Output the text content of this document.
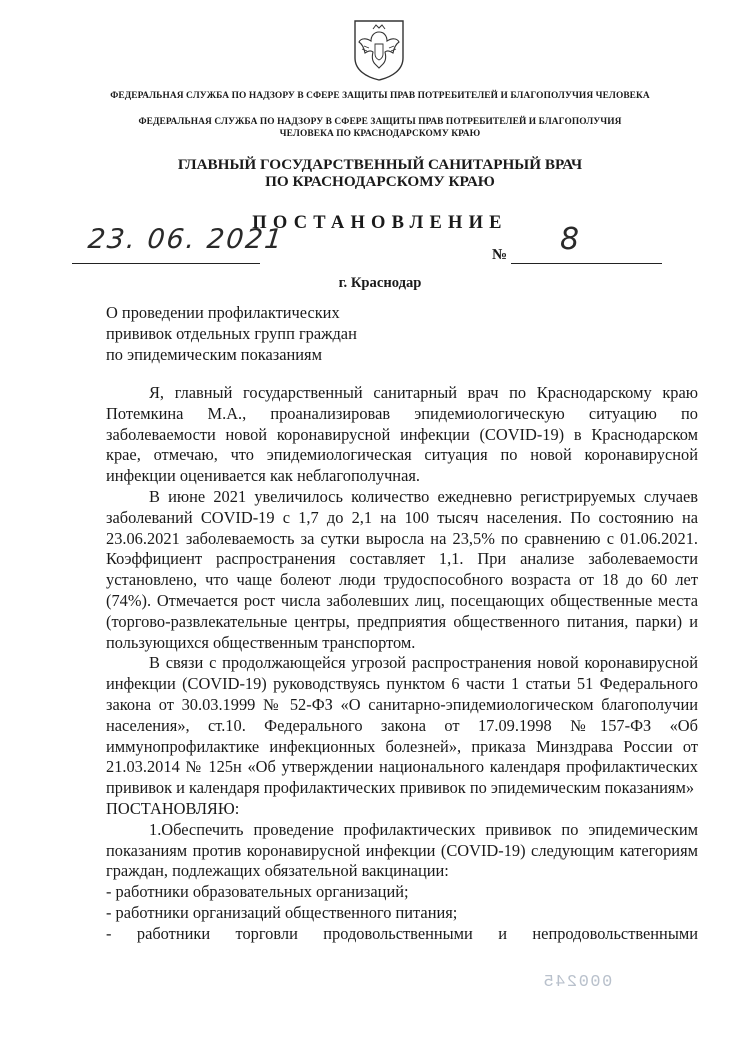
ФЕДЕРАЛЬНАЯ СЛУЖБА ПО НАДЗОРУ В СФЕРЕ ЗАЩИТЫ ПРАВ ПОТРЕБИТЕЛЕЙ И БЛАГОПОЛУЧИЯ ЧЕЛОВЕКА
ФЕДЕРАЛЬНАЯ СЛУЖБА ПО НАДЗОРУ В СФЕРЕ ЗАЩИТЫ ПРАВ ПОТРЕБИТЕЛЕЙ И БЛАГОПОЛУЧИЯ
ЧЕЛОВЕКА ПО КРАСНОДАРСКОМУ КРАЮ
ГЛАВНЫЙ ГОСУДАРСТВЕННЫЙ САНИТАРНЫЙ ВРАЧ
ПО КРАСНОДАРСКОМУ КРАЮ
ПОСТАНОВЛЕНИЕ
23. 06. 2021	№ 8
г. Краснодар
О проведении профилактических
прививок отдельных групп граждан
по эпидемическим показаниям

Я, главный государственный санитарный врач по Краснодарскому краю Потемкина М.А., проанализировав эпидемиологическую ситуацию по заболеваемости новой коронавирусной инфекции (COVID-19) в Краснодарском крае, отмечаю, что эпидемиологическая ситуация по новой коронавирусной инфекции оценивается как неблагополучная.

В июне 2021 увеличилось количество ежедневно регистрируемых случаев заболеваний COVID-19 с 1,7 до 2,1 на 100 тысяч населения. По состоянию на 23.06.2021 заболеваемость за сутки выросла на 23,5% по сравнению с 01.06.2021. Коэффициент распространения составляет 1,1. При анализе заболеваемости установлено, что чаще болеют люди трудоспособного возраста от 18 до 60 лет (74%). Отмечается рост числа заболевших лиц, посещающих общественные места (торгово-развлекательные центры, предприятия общественного питания, парки) и пользующихся общественным транспортом.

В связи с продолжающейся угрозой распространения новой коронавирусной инфекции (COVID-19) руководствуясь пунктом 6 части 1 статьи 51 Федерального закона от 30.03.1999 № 52-ФЗ «О санитарно-эпидемиологическом благополучии населения», ст.10. Федерального закона от 17.09.1998 №157-ФЗ «Об иммунопрофилактике инфекционных болезней», приказа Минздрава России от 21.03.2014 № 125н «Об утверждении национального календаря профилактических прививок и календаря профилактических прививок по эпидемическим показаниям»

ПОСТАНОВЛЯЮ:

1.Обеспечить проведение профилактических прививок по эпидемическим показаниям против коронавирусной инфекции (COVID-19) следующим категориям граждан, подлежащих обязательной вакцинации:

- работники образовательных организаций;

- работники организаций общественного питания;

- работники торговли продовольственными и непродовольственными

000245
